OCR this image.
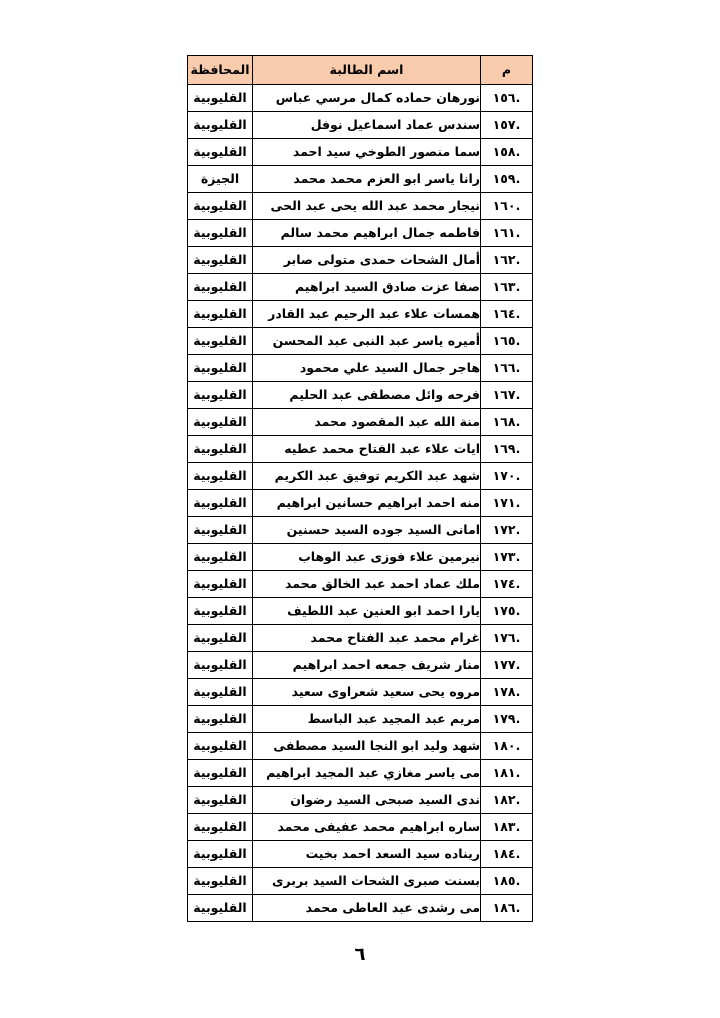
م	اسم الطالبة	المحافظة
.١٥٦	نورهان حماده كمال مرسي عباس	القليوبية
.١٥٧	سندس عماد اسماعيل نوفل	القليوبية
.١٥٨	سما منصور الطوخي سيد احمد	القليوبية
.١٥٩	رانا ياسر ابو العزم محمد محمد	الجيزة
.١٦٠	نيجار محمد عبد الله يحى عبد الحى	القليوبية
.١٦١	فاطمه جمال ابراهيم محمد سالم	القليوبية
.١٦٢	أمال الشحات حمدى متولى صابر	القليوبية
.١٦٣	صفا عزت صادق السيد ابراهيم	القليوبية
.١٦٤	همسات علاء عبد الرحيم عبد القادر	القليوبية
.١٦٥	أميره ياسر عبد النبى عبد المحسن	القليوبية
.١٦٦	هاجر جمال السيد علي محمود	القليوبية
.١٦٧	فرحه وائل مصطفى عبد الحليم	القليوبية
.١٦٨	منة الله عبد المقصود محمد	القليوبية
.١٦٩	ايات علاء عبد الفتاح محمد عطيه	القليوبية
.١٧٠	شهد عبد الكريم توفيق عبد الكريم	القليوبية
.١٧١	منه احمد ابراهيم حسانين ابراهيم	القليوبية
.١٧٢	امانى السيد جوده السيد حسنين	القليوبية
.١٧٣	نيرمين علاء فوزى عبد الوهاب	القليوبية
.١٧٤	ملك عماد احمد عبد الخالق محمد	القليوبية
.١٧٥	يارا احمد ابو العنين عبد اللطيف	القليوبية
.١٧٦	غرام محمد عبد الفتاح محمد	القليوبية
.١٧٧	منار شريف جمعه احمد ابراهيم	القليوبية
.١٧٨	مروه يحى سعيد شعراوى سعيد	القليوبية
.١٧٩	مريم عبد المجيد عبد الباسط	القليوبية
.١٨٠	شهد وليد ابو النجا السيد مصطفى	القليوبية
.١٨١	مى ياسر مغازي عبد المجيد ابراهيم	القليوبية
.١٨٢	ندى السيد صبحى السيد رضوان	القليوبية
.١٨٣	ساره ابراهيم محمد عفيفى محمد	القليوبية
.١٨٤	ريناده سيد السعد احمد بخيت	القليوبية
.١٨٥	بسنت صبرى الشحات السيد بربرى	القليوبية
.١٨٦	مى رشدى عبد العاطى محمد	القليوبية
٦
